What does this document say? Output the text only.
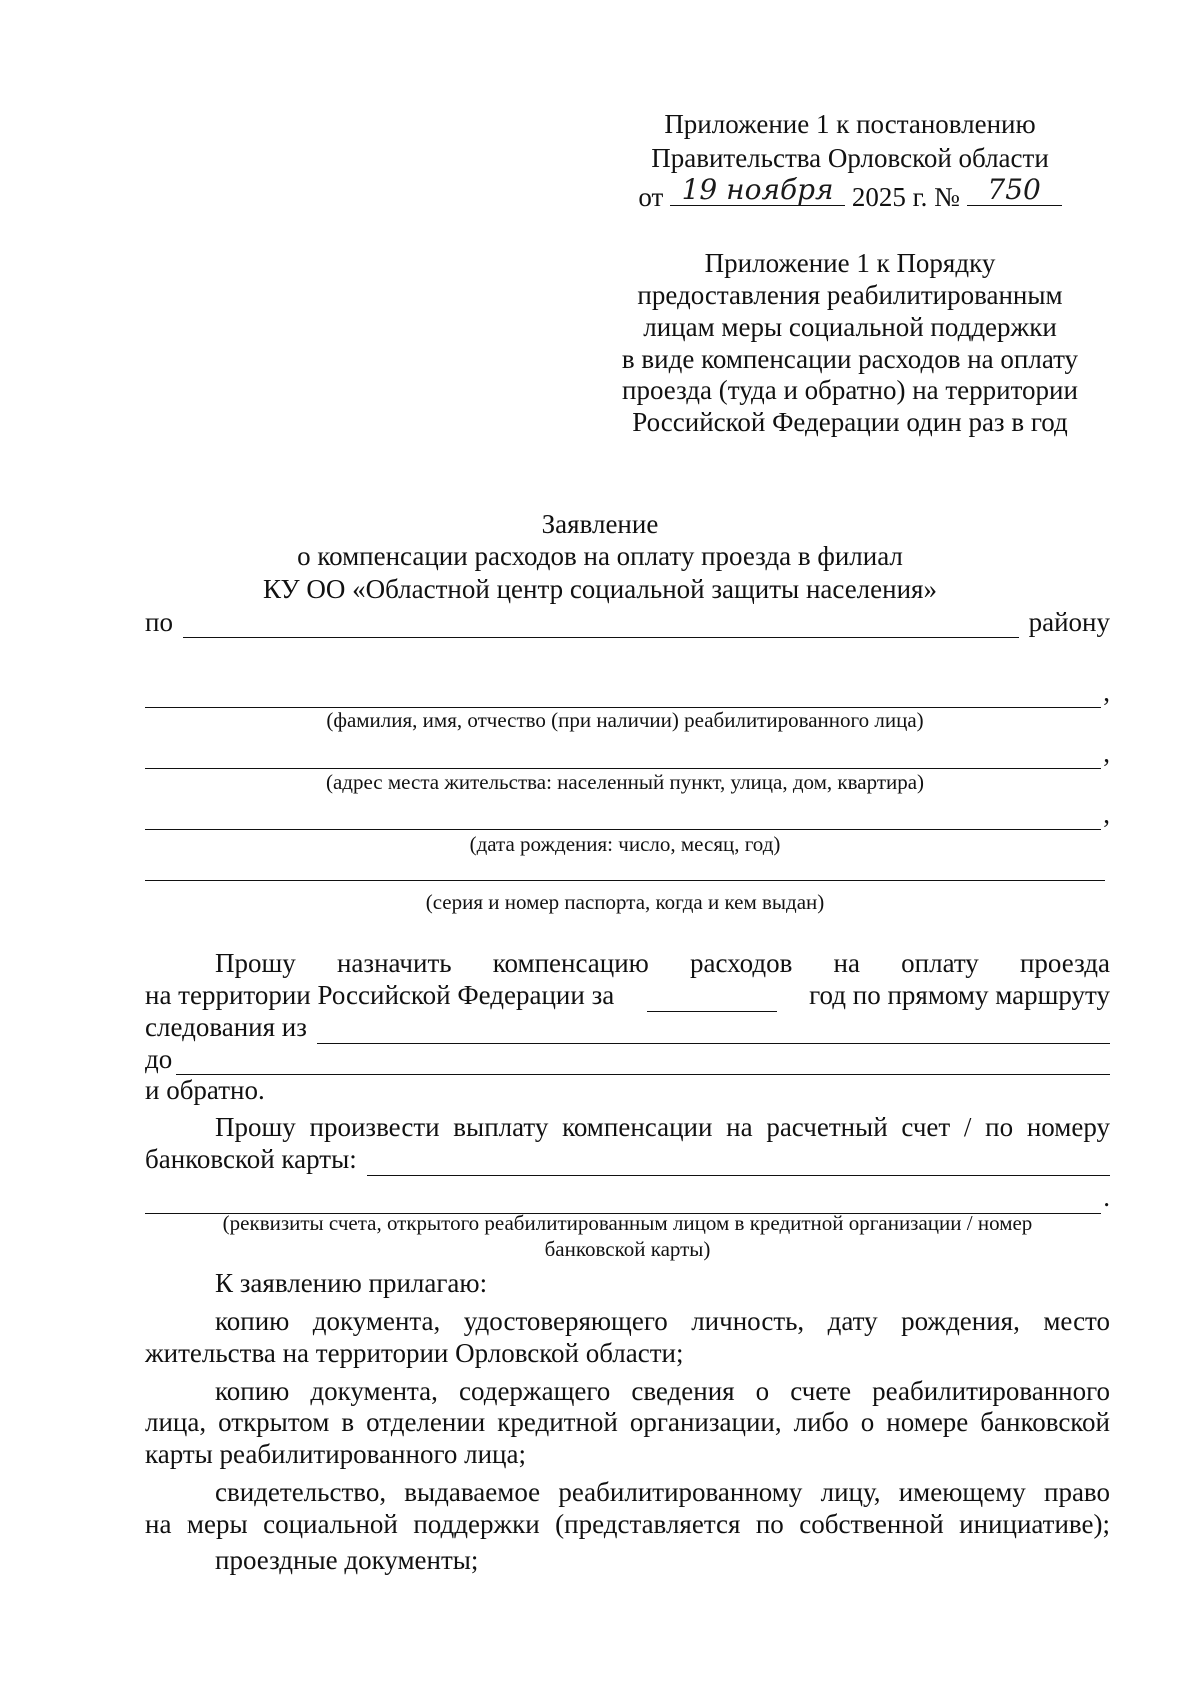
Приложение 1 к постановлению
Правительства Орловской области
от 19 ноября 2025 г. № 750
Приложение 1 к Порядку
предоставления реабилитированным
лицам меры социальной поддержки
в виде компенсации расходов на оплату
проезда (туда и обратно) на территории
Российской Федерации один раз в год
Заявление
о компенсации расходов на оплату проезда в филиал
КУ ОО «Областной центр социальной защиты населения»
по	району
,
(фамилия, имя, отчество (при наличии) реабилитированного лица)
,
(адрес места жительства: населенный пункт, улица, дом, квартира)
,
(дата рождения: число, месяц, год)
(серия и номер паспорта, когда и кем выдан)
Прошу назначить компенсацию расходов на оплату проезда
на территории Российской Федерации за	год по прямому маршруту
следования из
до
и обратно.
Прошу произвести выплату компенсации на расчетный счет / по номеру
банковской карты:
.
(реквизиты счета, открытого реабилитированным лицом в кредитной организации / номер
банковской карты)
К заявлению прилагаю:
копию документа, удостоверяющего личность, дату рождения, место
жительства на территории Орловской области;
копию документа, содержащего сведения о счете реабилитированного
лица, открытом в отделении кредитной организации, либо о номере банковской
карты реабилитированного лица;
свидетельство, выдаваемое реабилитированному лицу, имеющему право
на меры социальной поддержки (представляется по собственной инициативе);
проездные документы;
